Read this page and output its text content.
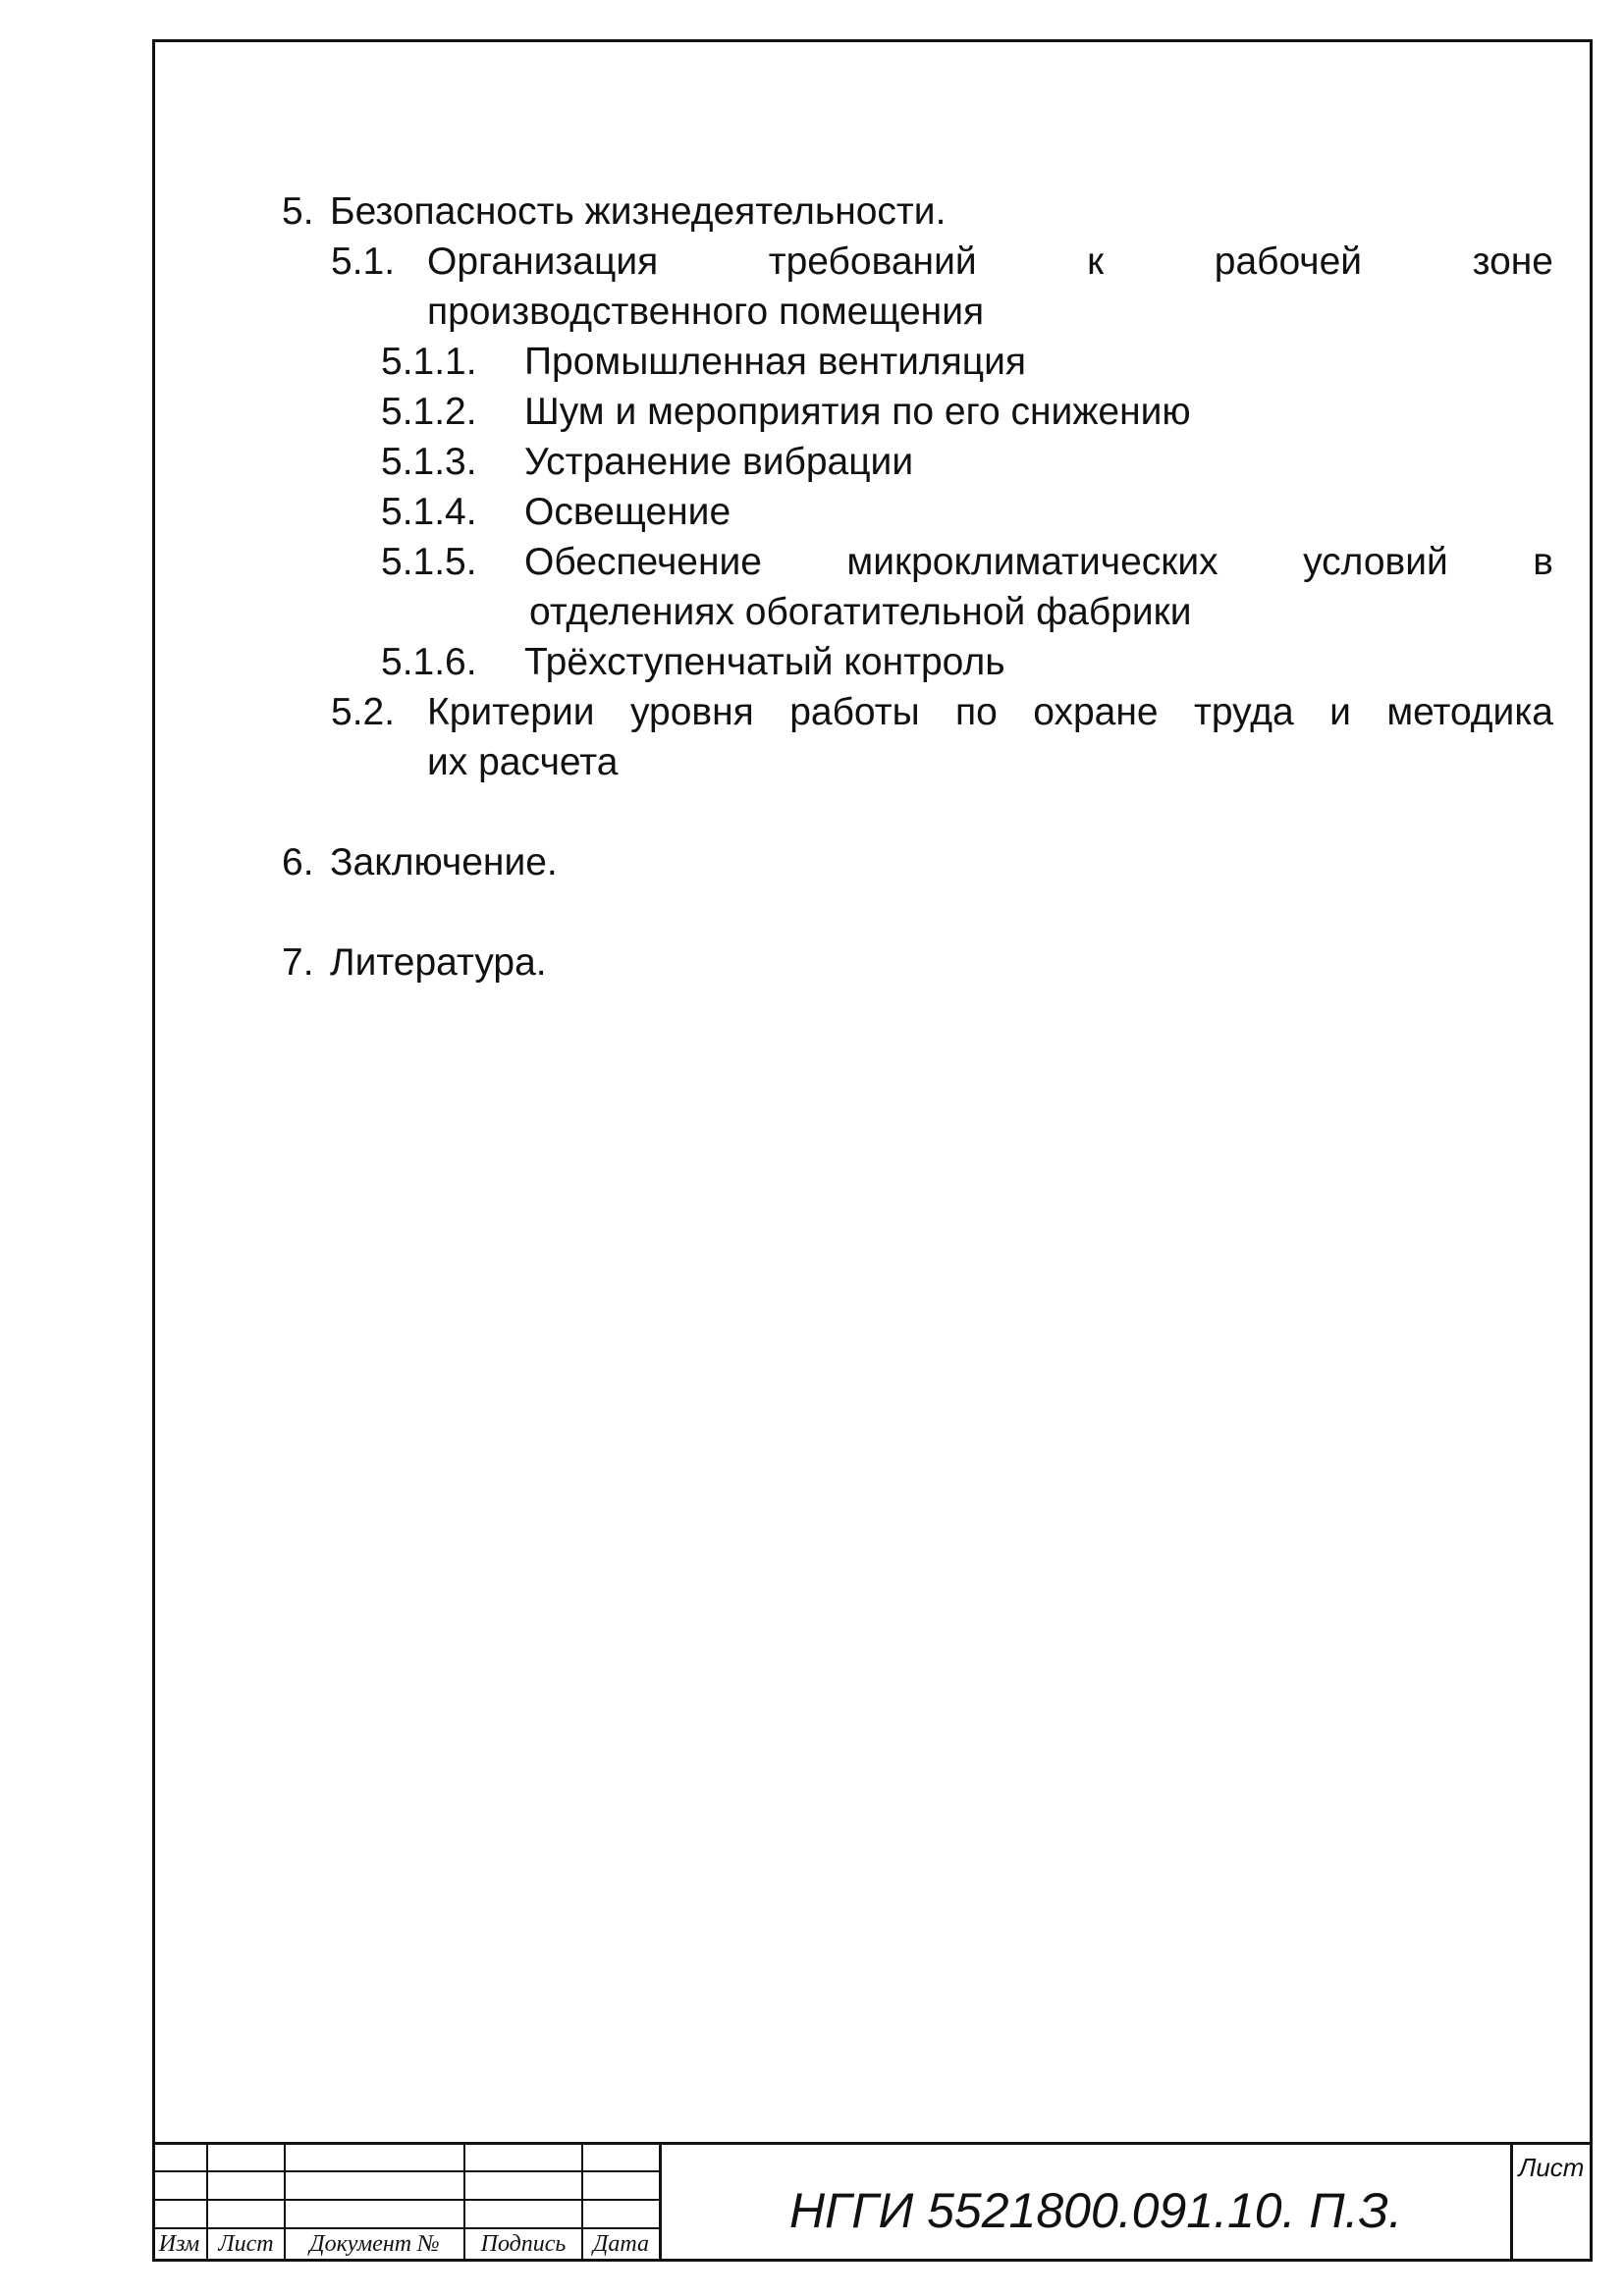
5. Безопасность жизнедеятельности.
5.1. Организация	требований	к	рабочей	зоне
производственного помещения
5.1.1. Промышленная вентиляция
5.1.2. Шум и мероприятия по его снижению
5.1.3. Устранение вибрации
5.1.4. Освещение
5.1.5. Обеспечение микроклиматических условий в
отделениях обогатительной фабрики
5.1.6. Трёхступенчатый контроль
5.2. Критерии уровня работы по охране труда и методика
их расчета
6. Заключение.
7. Литература.
Изм Лист	Документ №	Подпись	Дата
НГГИ 5521800.091.10. П.З.
Лист
